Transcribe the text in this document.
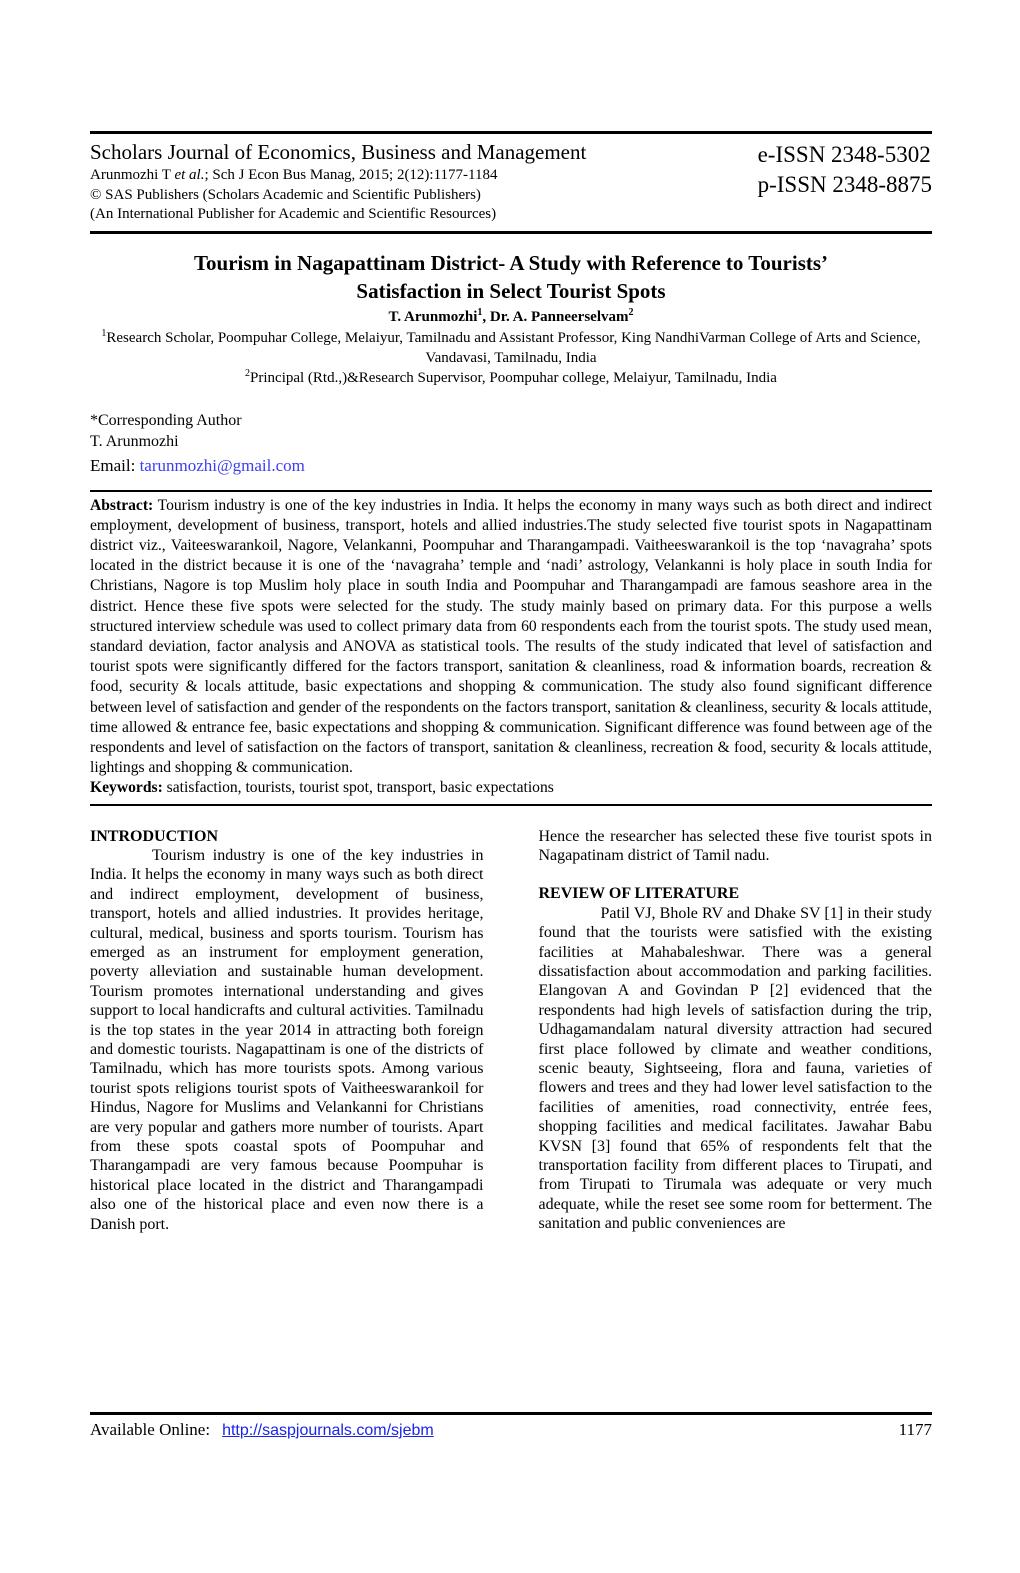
Scholars Journal of Economics, Business and Management
Arunmozhi T et al.; Sch J Econ Bus Manag, 2015; 2(12):1177-1184
© SAS Publishers (Scholars Academic and Scientific Publishers)
(An International Publisher for Academic and Scientific Resources)
e-ISSN 2348-5302
p-ISSN 2348-8875
Tourism in Nagapattinam District- A Study with Reference to Tourists’ Satisfaction in Select Tourist Spots
T. Arunmozhi$^1$, Dr. A. Panneerselvam$^2$
$^1$Research Scholar, Poompuhar College, Melaiyur, Tamilnadu and Assistant Professor, King NandhiVarman College of Arts and Science, Vandavasi, Tamilnadu, India
$^2$Principal (Rtd.,)&Research Supervisor, Poompuhar college, Melaiyur, Tamilnadu, India
*Corresponding Author
T. Arunmozhi
Email: tarunmozhi@gmail.com
Abstract: Tourism industry is one of the key industries in India. It helps the economy in many ways such as both direct and indirect employment, development of business, transport, hotels and allied industries.The study selected five tourist spots in Nagapattinam district viz., Vaiteeswarankoil, Nagore, Velankanni, Poompuhar and Tharangampadi. Vaitheeswarankoil is the top ‘navagraha’ spots located in the district because it is one of the ‘navagraha’ temple and ‘nadi’ astrology, Velankanni is holy place in south India for Christians, Nagore is top Muslim holy place in south India and Poompuhar and Tharangampadi are famous seashore area in the district. Hence these five spots were selected for the study. The study mainly based on primary data. For this purpose a wells structured interview schedule was used to collect primary data from 60 respondents each from the tourist spots. The study used mean, standard deviation, factor analysis and ANOVA as statistical tools. The results of the study indicated that level of satisfaction and tourist spots were significantly differed for the factors transport, sanitation & cleanliness, road & information boards, recreation & food, security & locals attitude, basic expectations and shopping & communication. The study also found significant difference between level of satisfaction and gender of the respondents on the factors transport, sanitation & cleanliness, security & locals attitude, time allowed & entrance fee, basic expectations and shopping & communication. Significant difference was found between age of the respondents and level of satisfaction on the factors of transport, sanitation & cleanliness, recreation & food, security & locals attitude, lightings and shopping & communication.
Keywords: satisfaction, tourists, tourist spot, transport, basic expectations
INTRODUCTION
Tourism industry is one of the key industries in India. It helps the economy in many ways such as both direct and indirect employment, development of business, transport, hotels and allied industries. It provides heritage, cultural, medical, business and sports tourism. Tourism has emerged as an instrument for employment generation, poverty alleviation and sustainable human development. Tourism promotes international understanding and gives support to local handicrafts and cultural activities. Tamilnadu is the top states in the year 2014 in attracting both foreign and domestic tourists. Nagapattinam is one of the districts of Tamilnadu, which has more tourists spots. Among various tourist spots religions tourist spots of Vaitheeswarankoil for Hindus, Nagore for Muslims and Velankanni for Christians are very popular and gathers more number of tourists. Apart from these spots coastal spots of Poompuhar and Tharangampadi are very famous because Poompuhar is historical place located in the district and Tharangampadi also one of the historical place and even now there is a Danish port.
Hence the researcher has selected these five tourist spots in Nagapatinam district of Tamil nadu.
REVIEW OF LITERATURE
Patil VJ, Bhole RV and Dhake SV [1] in their study found that the tourists were satisfied with the existing facilities at Mahabaleshwar. There was a general dissatisfaction about accommodation and parking facilities. Elangovan A and Govindan P [2] evidenced that the respondents had high levels of satisfaction during the trip, Udhagamandalam natural diversity attraction had secured first place followed by climate and weather conditions, scenic beauty, Sightseeing, flora and fauna, varieties of flowers and trees and they had lower level satisfaction to the facilities of amenities, road connectivity, entrée fees, shopping facilities and medical facilitates. Jawahar Babu KVSN [3] found that 65% of respondents felt that the transportation facility from different places to Tirupati, and from Tirupati to Tirumala was adequate or very much adequate, while the reset see some room for betterment. The sanitation and public conveniences are
Available Online: http://saspjournals.com/sjebm	1177
